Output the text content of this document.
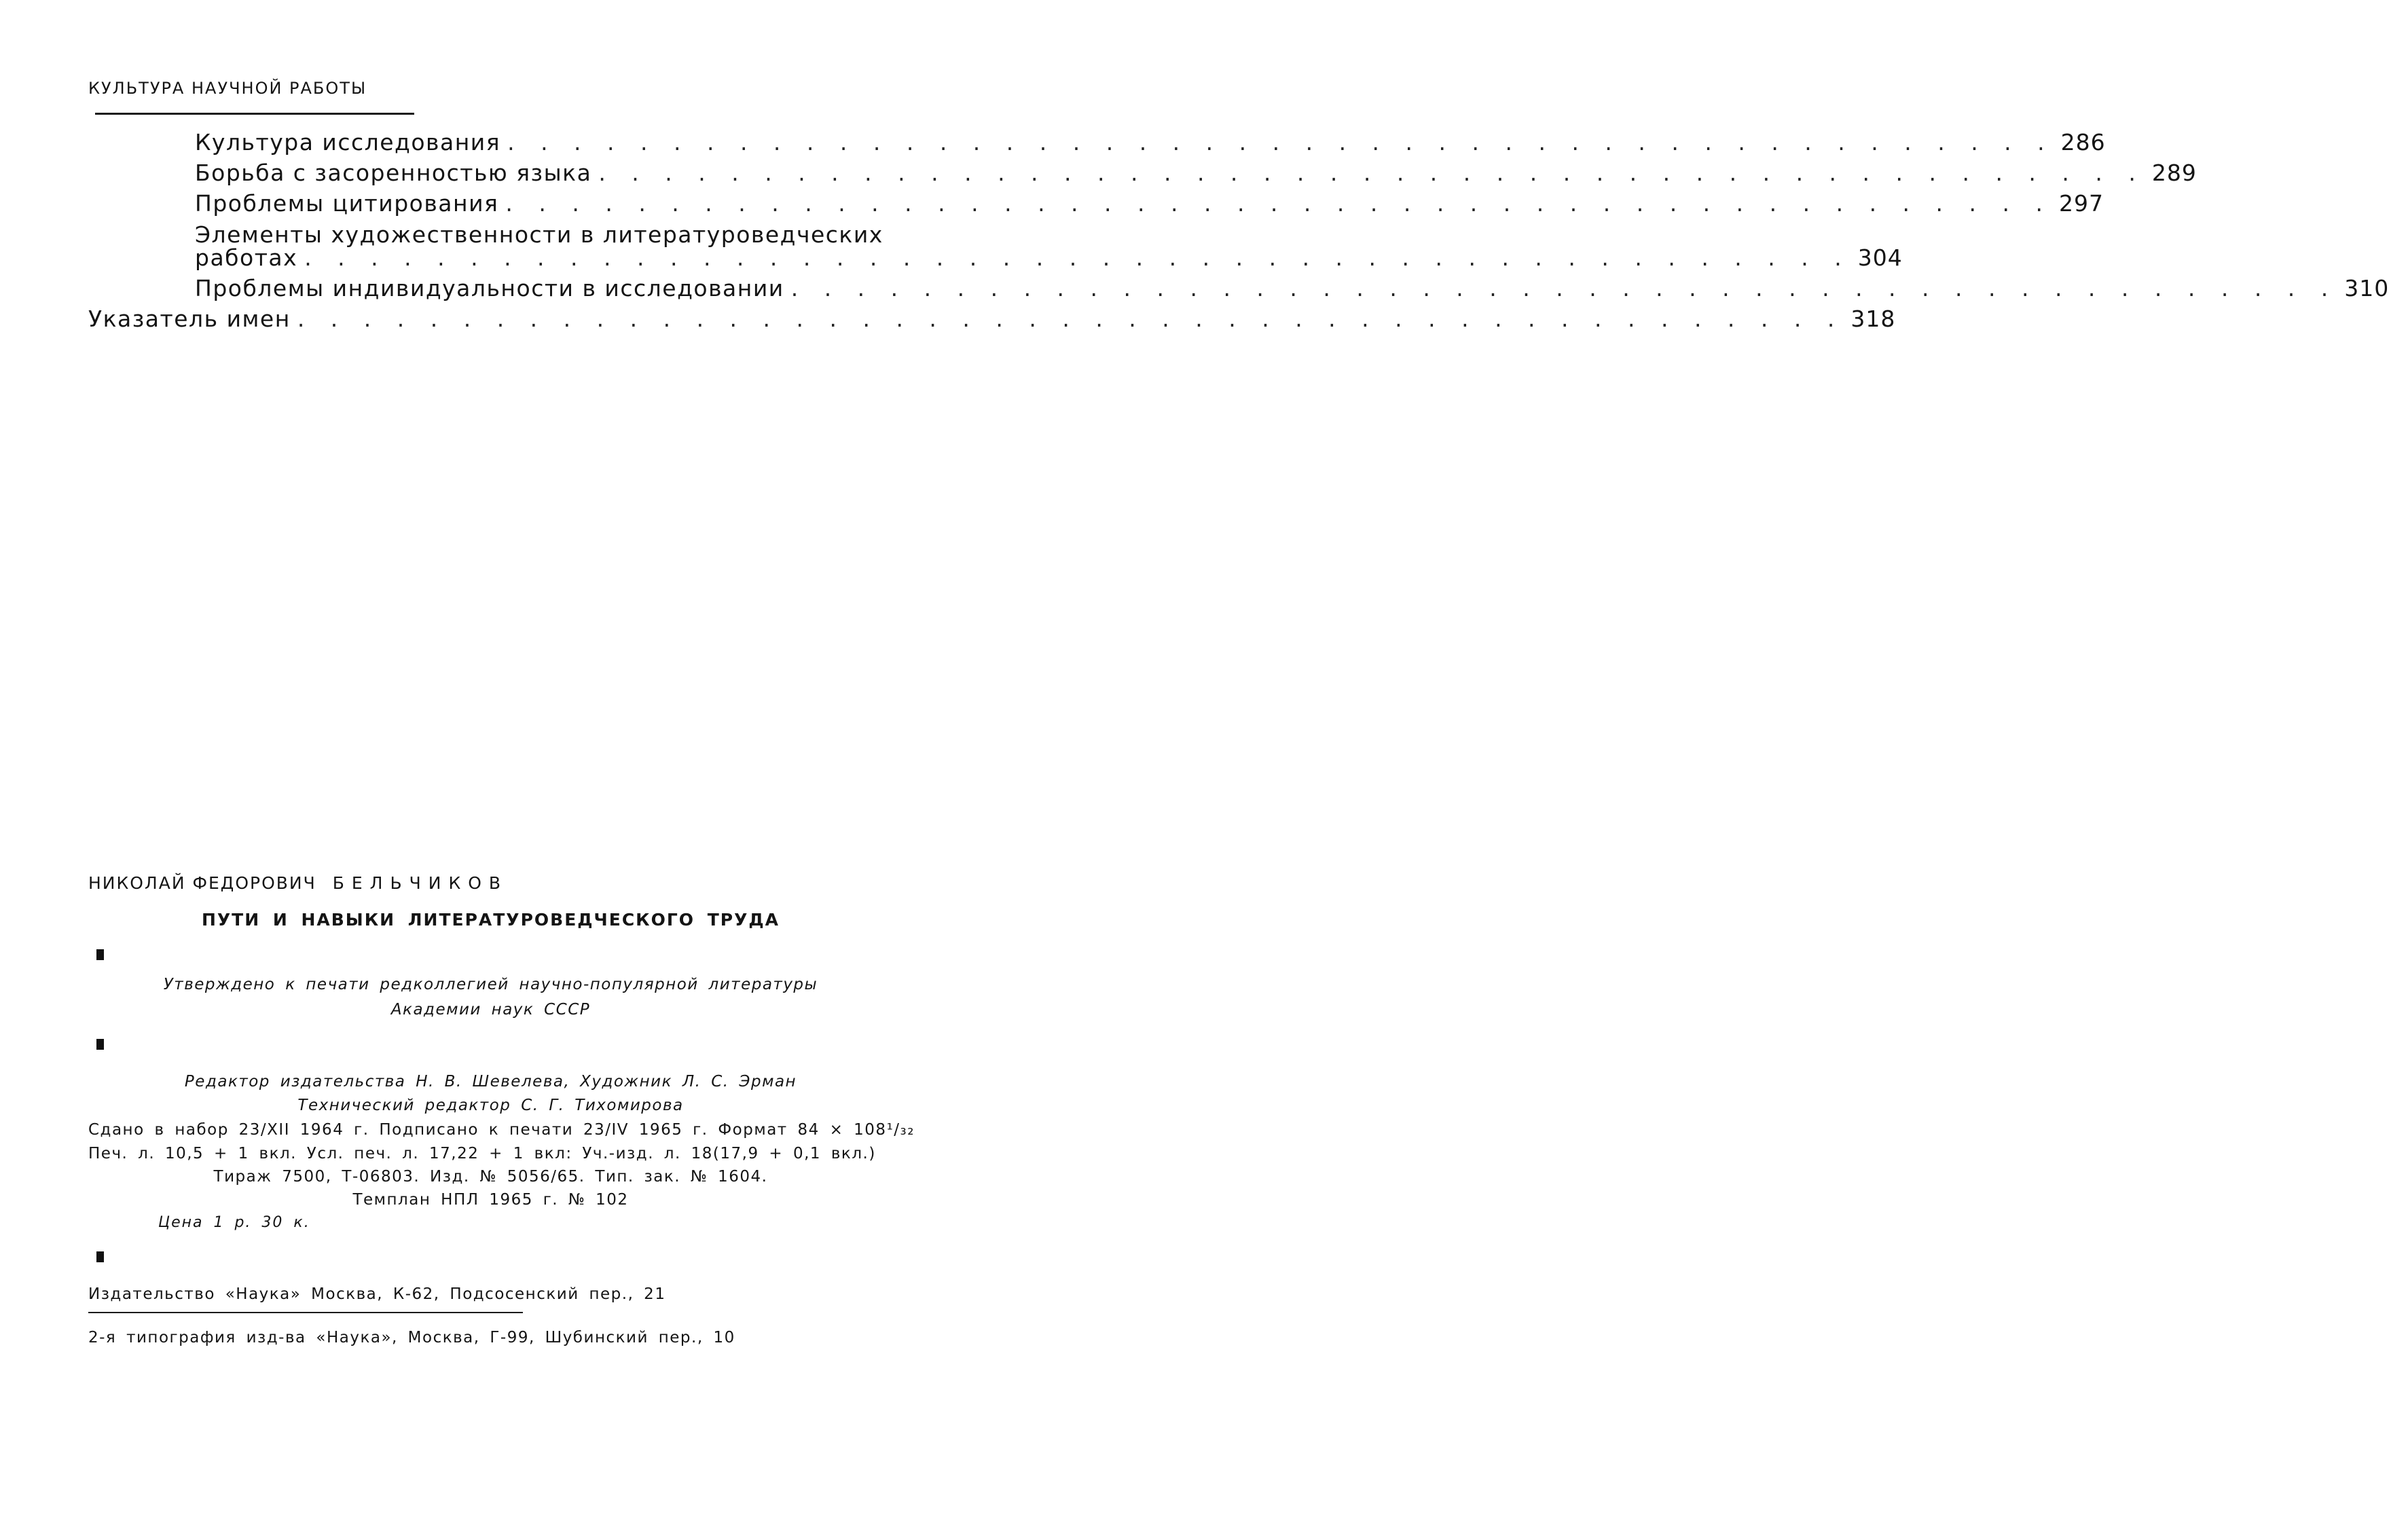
КУЛЬТУРА НАУЧНОЙ РАБОТЫ
Культура исследования . . . . . . . . . . . . . . . . . . . . . . . . . . . . . . . . . . . . . . . . . . . . . . . 286
Борьба с засоренностью языка . . . . . . . . . . . . . . . . . . . . . . . . . . . . . . . . . . . . . . . . . . . . . . . 289
Проблемы цитирования . . . . . . . . . . . . . . . . . . . . . . . . . . . . . . . . . . . . . . . . . . . . . . . 297
Элементы художественности в литературоведческих
работах . . . . . . . . . . . . . . . . . . . . . . . . . . . . . . . . . . . . . . . . . . . . . . . 304
Проблемы индивидуальности в исследовании . . . . . . . . . . . . . . . . . . . . . . . . . . . . . . . . . . . . . . . . . . . . . . . 310
Указатель имен . . . . . . . . . . . . . . . . . . . . . . . . . . . . . . . . . . . . . . . . . . . . . . . 318
НИКОЛАЙ ФЕДОРОВИЧ БЕЛЬЧИКОВ
ПУТИ И НАВЫКИ ЛИТЕРАТУРОВЕДЧЕСКОГО ТРУДА
Утверждено к печати редколлегией научно-популярной литературы
Академии наук СССР
Редактор издательства Н. В. Шевелева, Художник Л. С. Эрман
Технический редактор С. Г. Тихомирова
Сдано в набор 23/XII 1964 г. Подписано к печати 23/IV 1965 г. Формат 84 × 108¹/₃₂
Печ. л. 10,5 + 1 вкл. Усл. печ. л. 17,22 + 1 вкл: Уч.-изд. л. 18(17,9 + 0,1 вкл.)
Тираж 7500, Т-06803. Изд. № 5056/65. Тип. зак. № 1604.
Темплан НПЛ 1965 г. № 102
Цена 1 р. 30 к.
Издательство «Наука» Москва, К-62, Подсосенский пер., 21
2-я типография изд-ва «Наука», Москва, Г-99, Шубинский пер., 10
